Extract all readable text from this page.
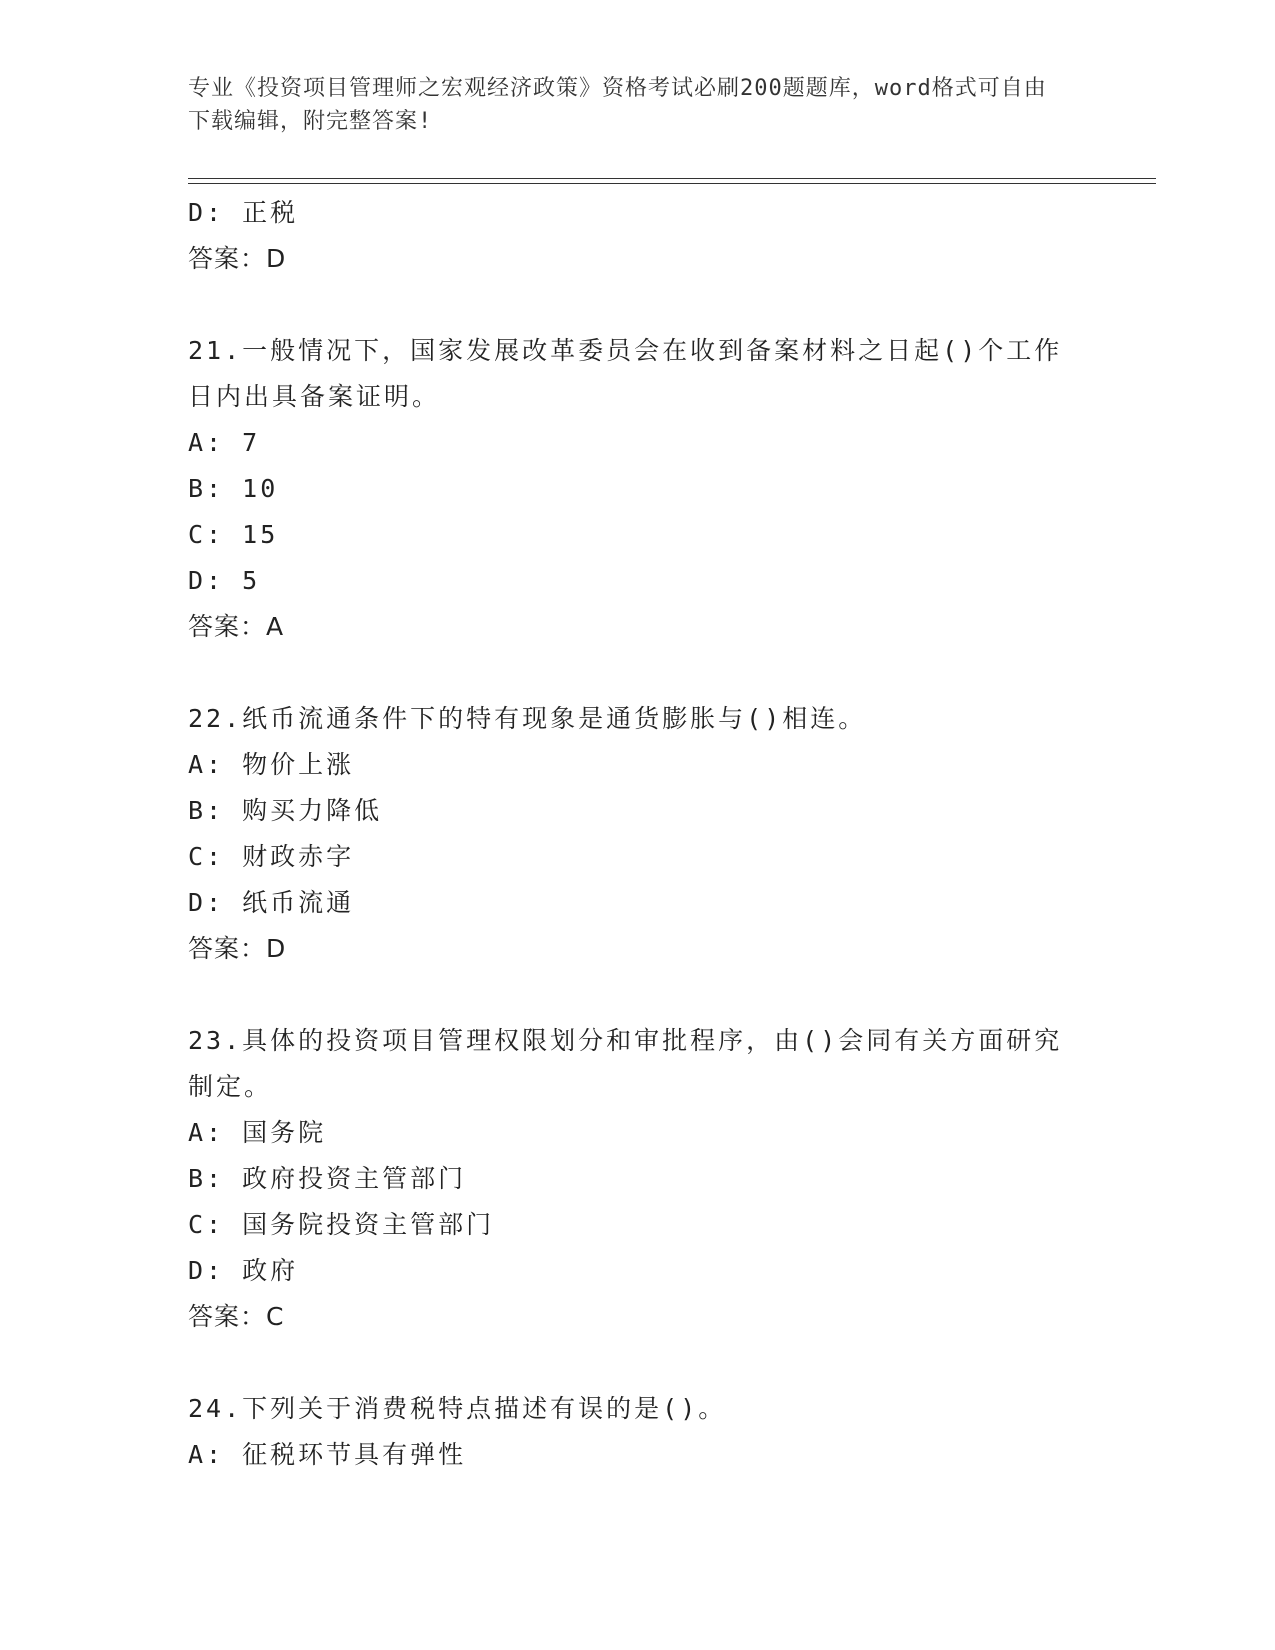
专业《投资项目管理师之宏观经济政策》资格考试必刷200题题库，word格式可自由下载编辑，附完整答案!
D: 正税
答案：D
21.一般情况下，国家发展改革委员会在收到备案材料之日起()个工作日内出具备案证明。
A: 7
B: 10
C: 15
D: 5
答案：A
22.纸币流通条件下的特有现象是通货膨胀与()相连。
A: 物价上涨
B: 购买力降低
C: 财政赤字
D: 纸币流通
答案：D
23.具体的投资项目管理权限划分和审批程序，由()会同有关方面研究制定。
A: 国务院
B: 政府投资主管部门
C: 国务院投资主管部门
D: 政府
答案：C
24.下列关于消费税特点描述有误的是()。
A: 征税环节具有弹性
